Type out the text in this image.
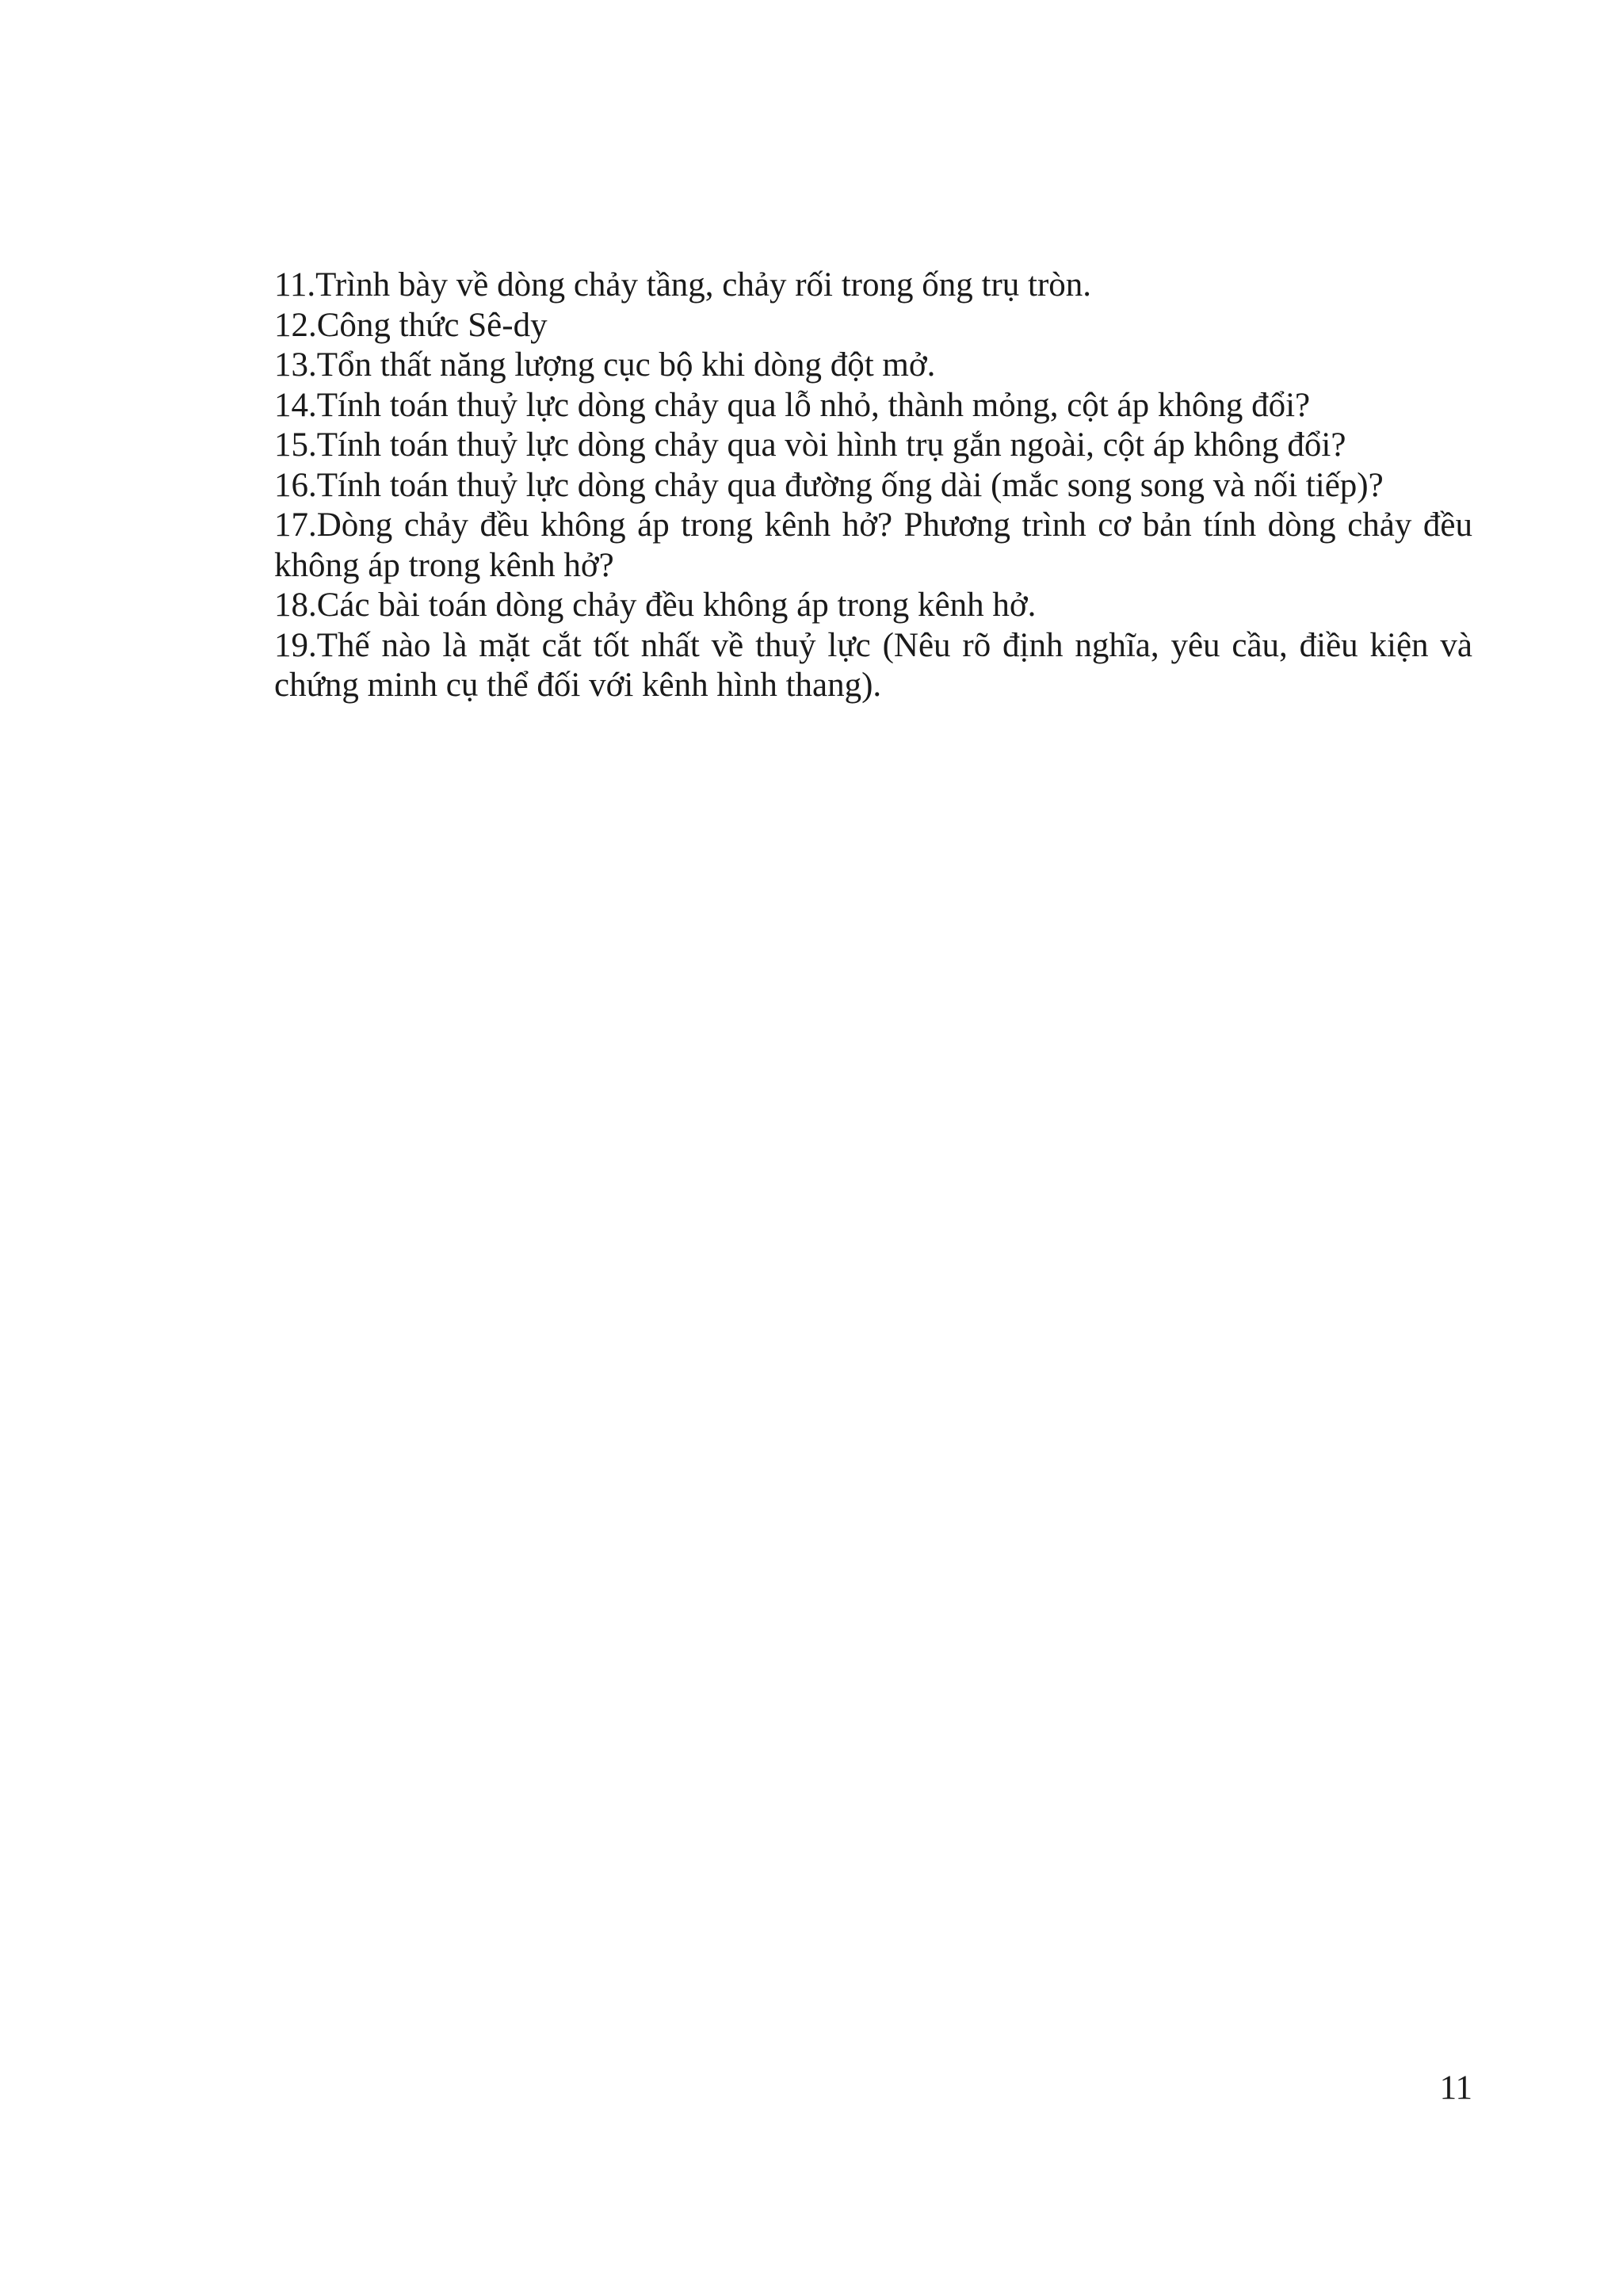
11.Trình bày về dòng chảy tầng, chảy rối trong ống trụ tròn.
12.Công thức Sê-dy
13.Tổn thất năng lượng cục bộ khi dòng đột mở.
14.Tính toán thuỷ lực dòng chảy qua lỗ nhỏ, thành mỏng, cột áp không đổi?
15.Tính toán thuỷ lực dòng chảy qua vòi hình trụ gắn ngoài, cột áp không đổi?
16.Tính toán thuỷ lực dòng chảy qua đường ống dài (mắc song song và nối tiếp)?
17.Dòng chảy đều không áp trong kênh hở? Phương trình cơ bản tính dòng chảy đều không áp trong kênh hở?
18.Các bài toán dòng chảy đều không áp trong kênh hở.
19.Thế nào là mặt cắt tốt nhất về thuỷ lực (Nêu rõ định nghĩa, yêu cầu, điều kiện và chứng minh cụ thể đối với kênh hình thang).
11
